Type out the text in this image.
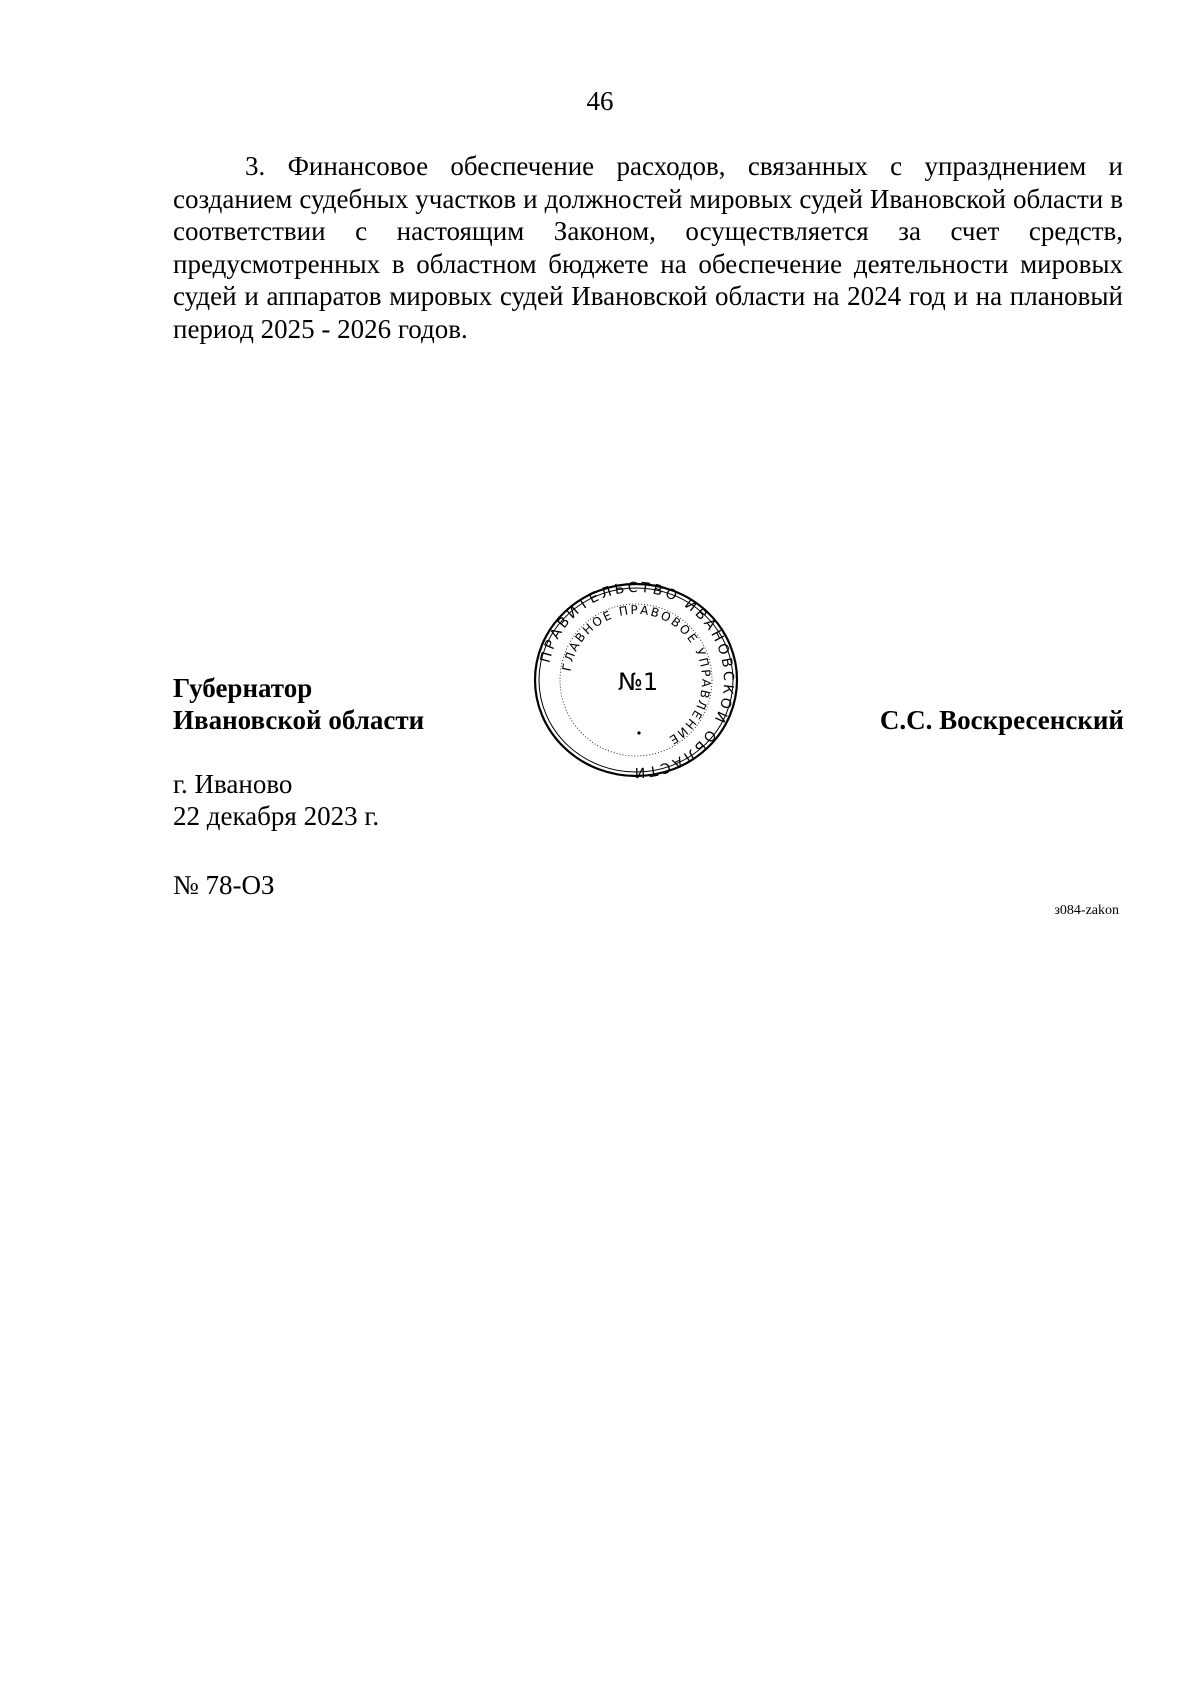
46
3. Финансовое обеспечение расходов, связанных с упразднением и созданием судебных участков и должностей мировых судей Ивановской области в соответствии с настоящим Законом, осуществляется за счет средств, предусмотренных в областном бюджете на обеспечение деятельности мировых судей и аппаратов мировых судей Ивановской области на 2024 год и на плановый период 2025 - 2026 годов.
Губернатор
Ивановской области
ПРАВИТЕЛЬСТВО ИВАНОВСКОЙ ОБЛАСТИ
ГЛАВНОЕ ПРАВОВОЕ УПРАВЛЕНИЕ
№1
С.С. Воскресенский
г. Иваново
22 декабря 2023 г.
№ 78-ОЗ
з084-zakon
